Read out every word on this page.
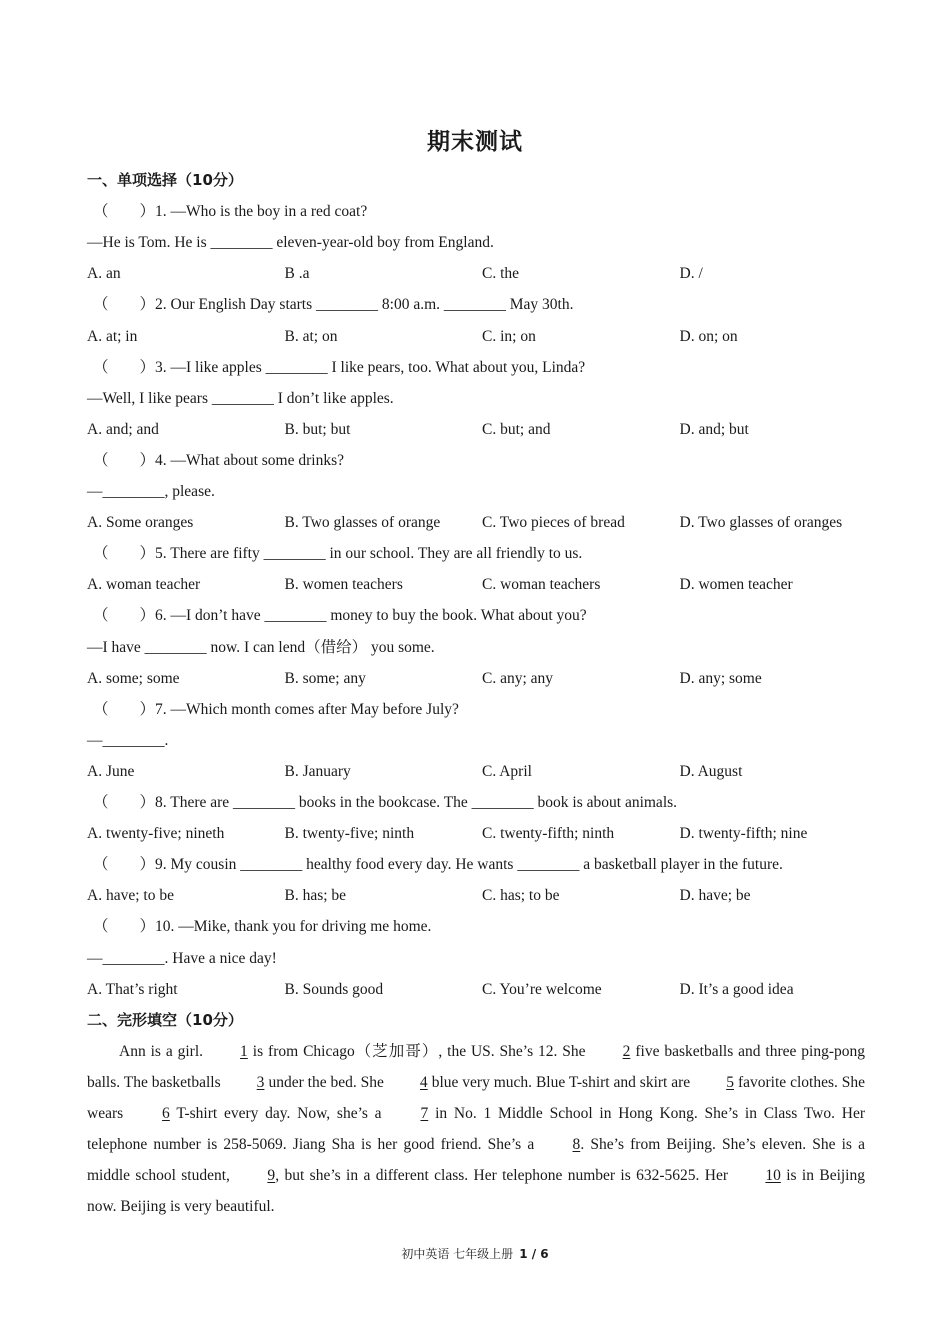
期末测试
一、单项选择（10分）
（　　）1. —Who is the boy in a red coat?
—He is Tom. He is ________ eleven-year-old boy from England.
A. an	B .a	C. the	D. /
（　　）2. Our English Day starts ________ 8:00 a.m. ________ May 30th.
A. at; in	B. at; on	C. in; on	D. on; on
（　　）3. —I like apples ________ I like pears, too. What about you, Linda?
—Well, I like pears ________ I don’t like apples.
A. and; and	B. but; but	C. but; and	D. and; but
（　　）4. —What about some drinks?
—________, please.
A. Some oranges	B. Two glasses of orange	C. Two pieces of bread	D. Two glasses of oranges
（　　）5. There are fifty ________ in our school. They are all friendly to us.
A. woman teacher	B. women teachers	C. woman teachers	D. women teacher
（　　）6. —I don’t have ________ money to buy the book. What about you?
—I have ________ now. I can lend（借给） you some.
A. some; some	B. some; any	C. any; any	D. any; some
（　　）7. —Which month comes after May before July?
—________.
A. June	B. January	C. April	D. August
（　　）8. There are ________ books in the bookcase. The ________ book is about animals.
A. twenty-five; nineth	B. twenty-five; ninth	C. twenty-fifth; ninth	D. twenty-fifth; nine
（　　）9. My cousin ________ healthy food every day. He wants ________ a basketball player in the future.
A. have; to be	B. has; be	C. has; to be	D. have; be
（　　）10. —Mike, thank you for driving me home.
—________. Have a nice day!
A. That’s right	B. Sounds good	C. You’re welcome	D. It’s a good idea
二、完形填空（10分）
Ann is a girl. 1 is from Chicago（芝加哥）, the US. She’s 12. She 2 five basketballs and three ping-pong balls. The basketballs 3 under the bed. She 4 blue very much. Blue T-shirt and skirt are 5 favorite clothes. She wears 6 T-shirt every day. Now, she’s a 7 in No. 1 Middle School in Hong Kong. She’s in Class Two. Her telephone number is 258-5069. Jiang Sha is her good friend. She’s a 8. She’s from Beijing. She’s eleven. She is a middle school student, 9, but she’s in a different class. Her telephone number is 632-5625. Her 10 is in Beijing now. Beijing is very beautiful.
初中英语 七年级上册 1 / 6
